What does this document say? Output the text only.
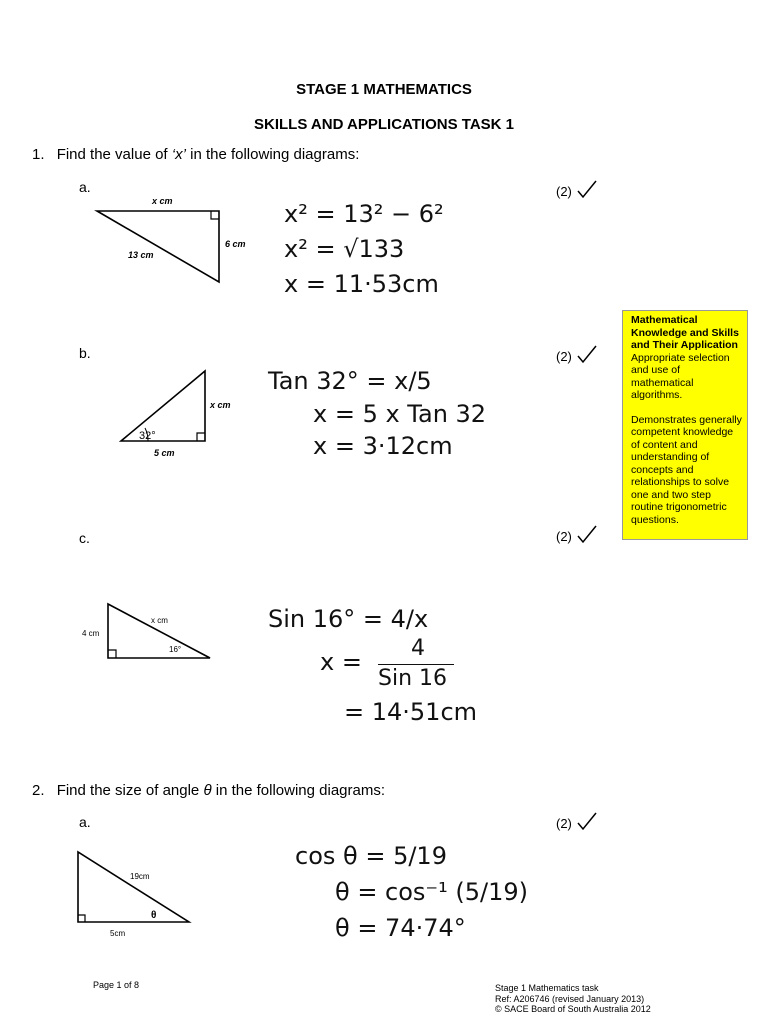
STAGE 1 MATHEMATICS
SKILLS AND APPLICATIONS TASK 1
1. Find the value of ‘x’ in the following diagrams:
a.	(2)
x cm
6 cm
13 cm
x² = 13² − 6²
x² = √133
x = 11·53cm
Mathematical Knowledge and Skills and Their Application
Appropriate selection and use of mathematical algorithms.
Demonstrates generally competent knowledge of content and understanding of concepts and relationships to solve one and two step routine trigonometric questions.
b.	(2)
x cm
32°
5 cm
Tan 32° = x/5
x = 5 x Tan 32
x = 3·12cm
c.	(2)
4 cm
x cm
16°
Sin 16° = 4/x
x =	4
Sin 16
= 14·51cm
2. Find the size of angle θ in the following diagrams:
a.	(2)
19cm
θ
5cm
cos θ = 5/19
θ = cos⁻¹ (5/19)
θ = 74·74°
Page 1 of 8	Stage 1 Mathematics task
Ref: A206746 (revised January 2013)
© SACE Board of South Australia 2012
